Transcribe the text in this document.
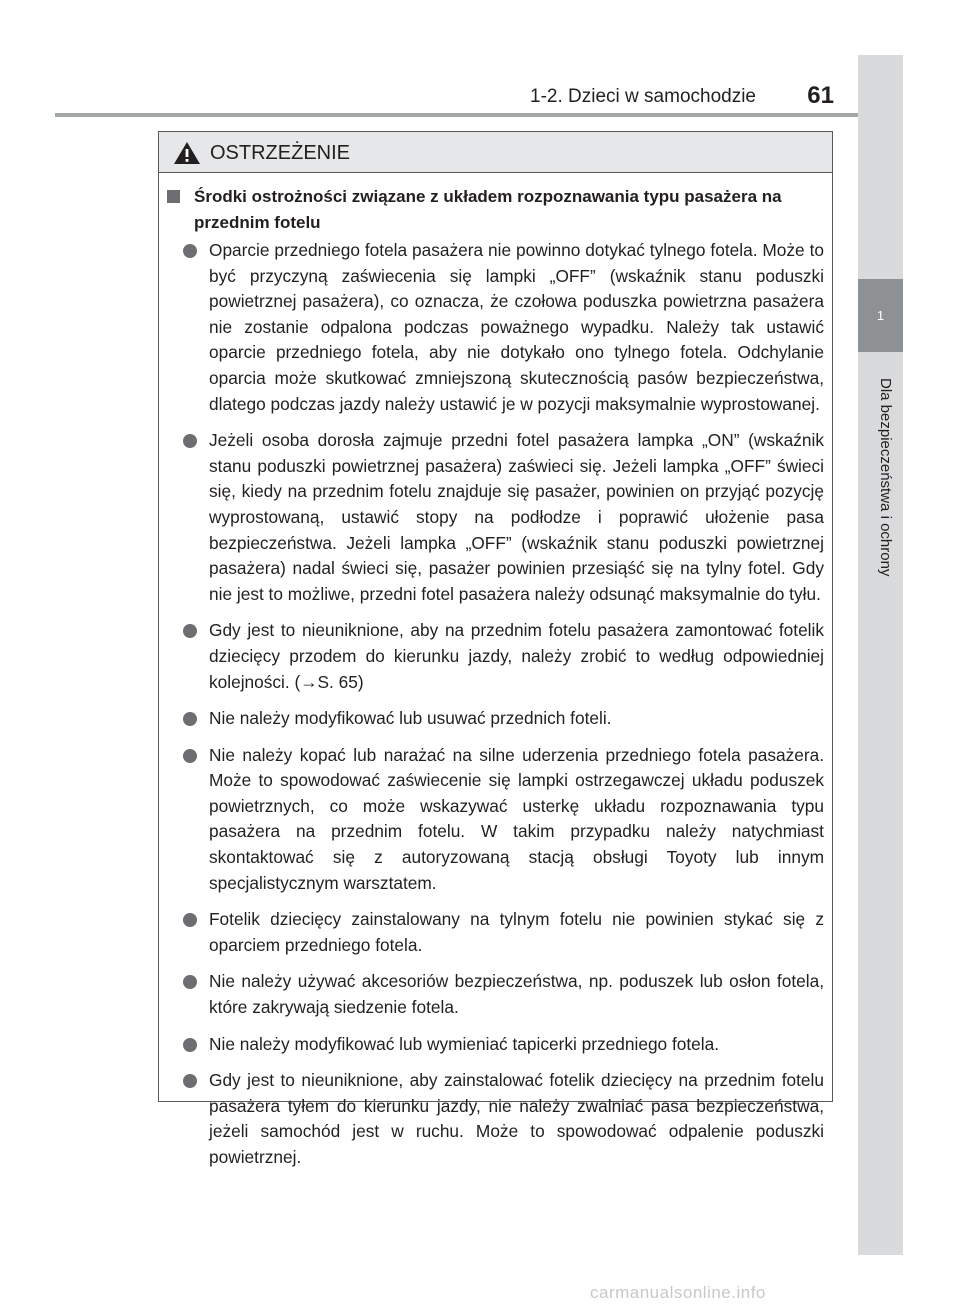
1
Dla bezpieczeństwa i ochrony
1-2. Dzieci w samochodzie 61
OSTRZEŻENIE
Środki ostrożności związane z układem rozpoznawania typu pasażera na przednim fotelu
Oparcie przedniego fotela pasażera nie powinno dotykać tylnego fotela. Może to być przyczyną zaświecenia się lampki „OFF” (wskaźnik stanu poduszki powietrznej pasażera), co oznacza, że czołowa poduszka powietrzna pasażera nie zostanie odpalona podczas poważnego wypadku. Należy tak ustawić oparcie przedniego fotela, aby nie dotykało ono tylnego fotela. Odchylanie oparcia może skutkować zmniejszoną skutecznością pasów bezpieczeństwa, dlatego podczas jazdy należy ustawić je w pozycji maksymalnie wyprostowanej.
Jeżeli osoba dorosła zajmuje przedni fotel pasażera lampka „ON” (wskaźnik stanu poduszki powietrznej pasażera) zaświeci się. Jeżeli lampka „OFF” świeci się, kiedy na przednim fotelu znajduje się pasażer, powinien on przyjąć pozycję wyprostowaną, ustawić stopy na podłodze i poprawić ułożenie pasa bezpieczeństwa. Jeżeli lampka „OFF” (wskaźnik stanu poduszki powietrznej pasażera) nadal świeci się, pasażer powinien przesiąść się na tylny fotel. Gdy nie jest to możliwe, przedni fotel pasażera należy odsunąć maksymalnie do tyłu.
Gdy jest to nieuniknione, aby na przednim fotelu pasażera zamontować fotelik dziecięcy przodem do kierunku jazdy, należy zrobić to według odpowiedniej kolejności. (→S. 65)
Nie należy modyfikować lub usuwać przednich foteli.
Nie należy kopać lub narażać na silne uderzenia przedniego fotela pasażera. Może to spowodować zaświecenie się lampki ostrzegawczej układu poduszek powietrznych, co może wskazywać usterkę układu rozpoznawania typu pasażera na przednim fotelu. W takim przypadku należy natychmiast skontaktować się z autoryzowaną stacją obsługi Toyoty lub innym specjalistycznym warsztatem.
Fotelik dziecięcy zainstalowany na tylnym fotelu nie powinien stykać się z oparciem przedniego fotela.
Nie należy używać akcesoriów bezpieczeństwa, np. poduszek lub osłon fotela, które zakrywają siedzenie fotela.
Nie należy modyfikować lub wymieniać tapicerki przedniego fotela.
Gdy jest to nieuniknione, aby zainstalować fotelik dziecięcy na przednim fotelu pasażera tyłem do kierunku jazdy, nie należy zwalniać pasa bezpieczeństwa, jeżeli samochód jest w ruchu. Może to spowodować odpalenie poduszki powietrznej.
carmanualsonline.info
